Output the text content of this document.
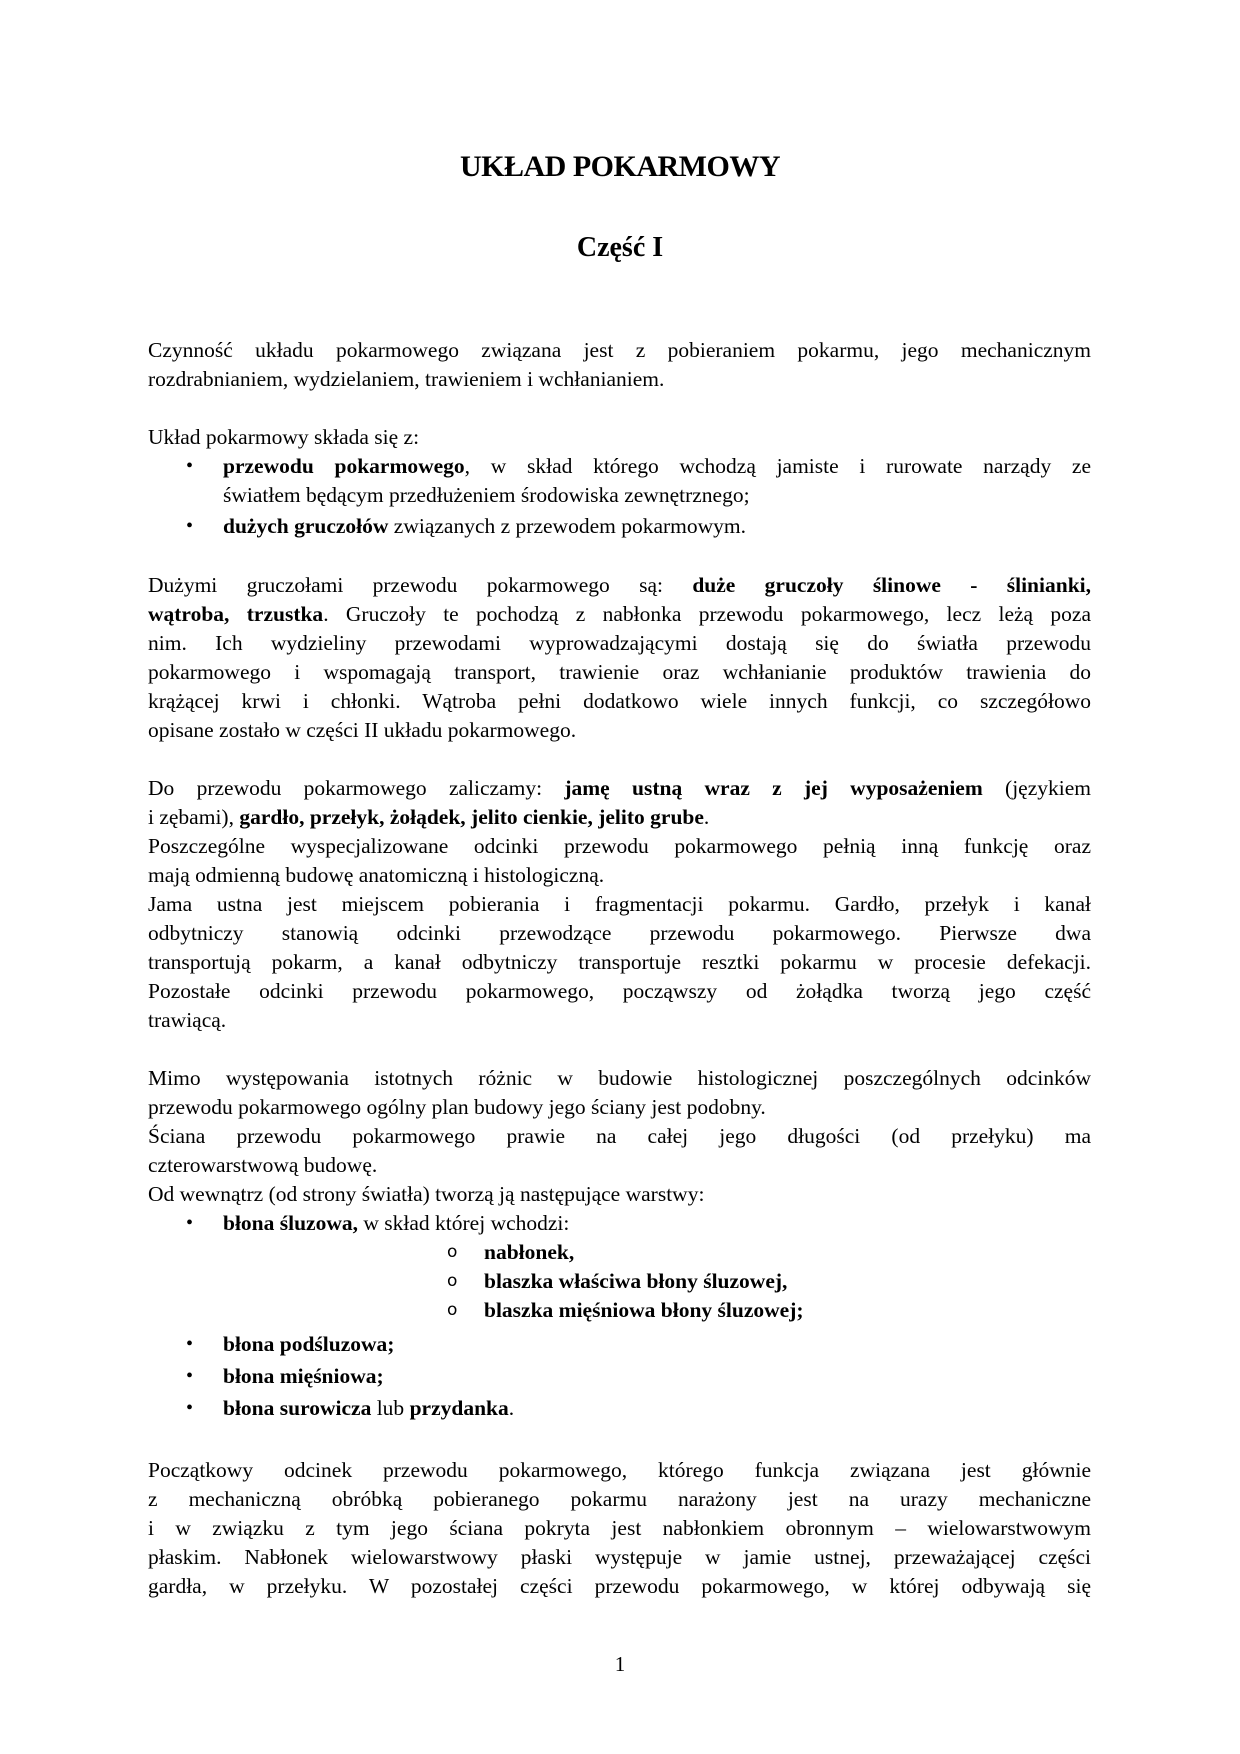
UKŁAD POKARMOWY
Część I
Czynność układu pokarmowego związana jest z pobieraniem pokarmu, jego mechanicznym
rozdrabnianiem, wydzielaniem, trawieniem i wchłanianiem.
Układ pokarmowy składa się z:
• przewodu pokarmowego, w skład którego wchodzą jamiste i rurowate narządy ze
światłem będącym przedłużeniem środowiska zewnętrznego;
• dużych gruczołów związanych z przewodem pokarmowym.
Dużymi gruczołami przewodu pokarmowego są: duże gruczoły ślinowe - ślinianki,
wątroba, trzustka. Gruczoły te pochodzą z nabłonka przewodu pokarmowego, lecz leżą poza
nim. Ich wydzieliny przewodami wyprowadzającymi dostają się do światła przewodu
pokarmowego i wspomagają transport, trawienie oraz wchłanianie produktów trawienia do
krążącej krwi i chłonki. Wątroba pełni dodatkowo wiele innych funkcji, co szczegółowo
opisane zostało w części II układu pokarmowego.
Do przewodu pokarmowego zaliczamy: jamę ustną wraz z jej wyposażeniem (językiem
i zębami), gardło, przełyk, żołądek, jelito cienkie, jelito grube.
Poszczególne wyspecjalizowane odcinki przewodu pokarmowego pełnią inną funkcję oraz
mają odmienną budowę anatomiczną i histologiczną.
Jama ustna jest miejscem pobierania i fragmentacji pokarmu. Gardło, przełyk i kanał
odbytniczy stanowią odcinki przewodzące przewodu pokarmowego. Pierwsze dwa
transportują pokarm, a kanał odbytniczy transportuje resztki pokarmu w procesie defekacji.
Pozostałe odcinki przewodu pokarmowego, począwszy od żołądka tworzą jego część
trawiącą.
Mimo występowania istotnych różnic w budowie histologicznej poszczególnych odcinków
przewodu pokarmowego ogólny plan budowy jego ściany jest podobny.
Ściana przewodu pokarmowego prawie na całej jego długości (od przełyku) ma
czterowarstwową budowę.
Od wewnątrz (od strony światła) tworzą ją następujące warstwy:
• błona śluzowa, w skład której wchodzi:
o nabłonek,
o blaszka właściwa błony śluzowej,
o blaszka mięśniowa błony śluzowej;
• błona podśluzowa;
• błona mięśniowa;
• błona surowicza lub przydanka.
Początkowy odcinek przewodu pokarmowego, którego funkcja związana jest głównie
z mechaniczną obróbką pobieranego pokarmu narażony jest na urazy mechaniczne
i w związku z tym jego ściana pokryta jest nabłonkiem obronnym – wielowarstwowym
płaskim. Nabłonek wielowarstwowy płaski występuje w jamie ustnej, przeważającej części
gardła, w przełyku. W pozostałej części przewodu pokarmowego, w której odbywają się
1
